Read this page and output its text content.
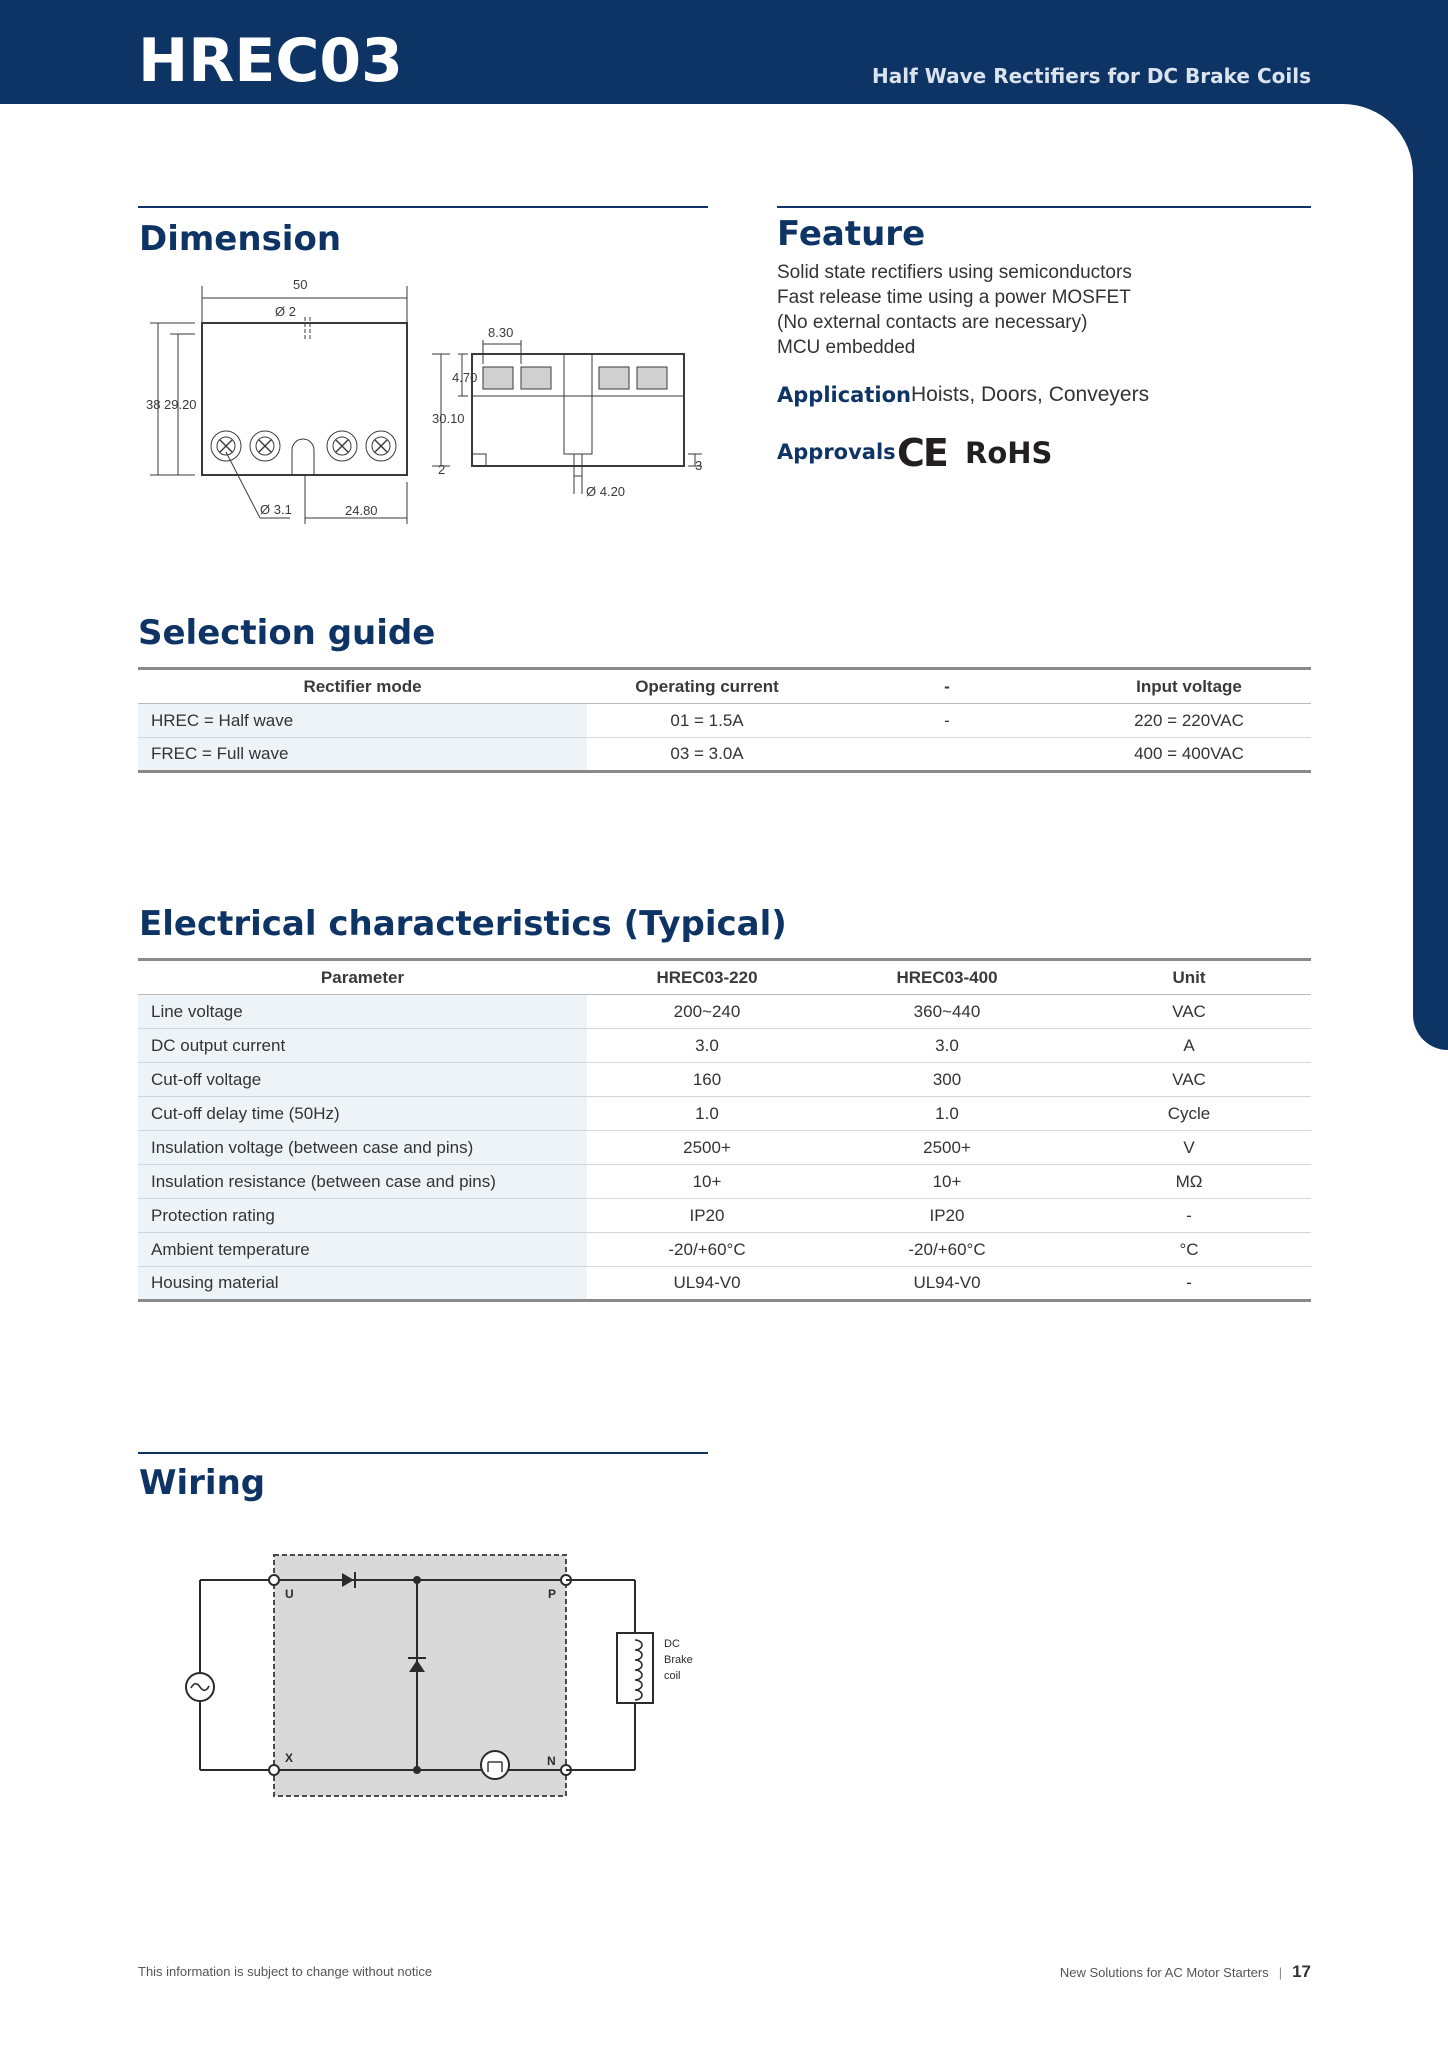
HREC03	Half Wave Rectifiers for DC Brake Coils
Dimension
50
Ø 2
38 29.20
Ø 3.1	24.80
8.30
4.70
30.10
2	3
Ø 4.20
Feature
Solid state rectifiers using semiconductors
Fast release time using a power MOSFET
(No external contacts are necessary)
MCU embedded
Application Hoists, Doors, Conveyers
Approvals CE RoHS
Selection guide
Rectifier mode	Operating current	-	Input voltage
HREC = Half wave	01 = 1.5A	-	220 = 220VAC
FREC = Full wave	03 = 3.0A		400 = 400VAC
Electrical characteristics (Typical)
Parameter	HREC03-220	HREC03-400	Unit
Line voltage	200~240	360~440	VAC
DC output current	3.0	3.0	A
Cut-off voltage	160	300	VAC
Cut-off delay time (50Hz)	1.0	1.0	Cycle
Insulation voltage (between case and pins)	2500+	2500+	V
Insulation resistance (between case and pins)	10+	10+	MΩ
Protection rating	IP20	IP20	-
Ambient temperature	-20/+60°C	-20/+60°C	°C
Housing material	UL94-V0	UL94-V0	-
Wiring
U	P
X	N
DC
Brake
coil
This information is subject to change without notice	New Solutions for AC Motor Starters | 17
